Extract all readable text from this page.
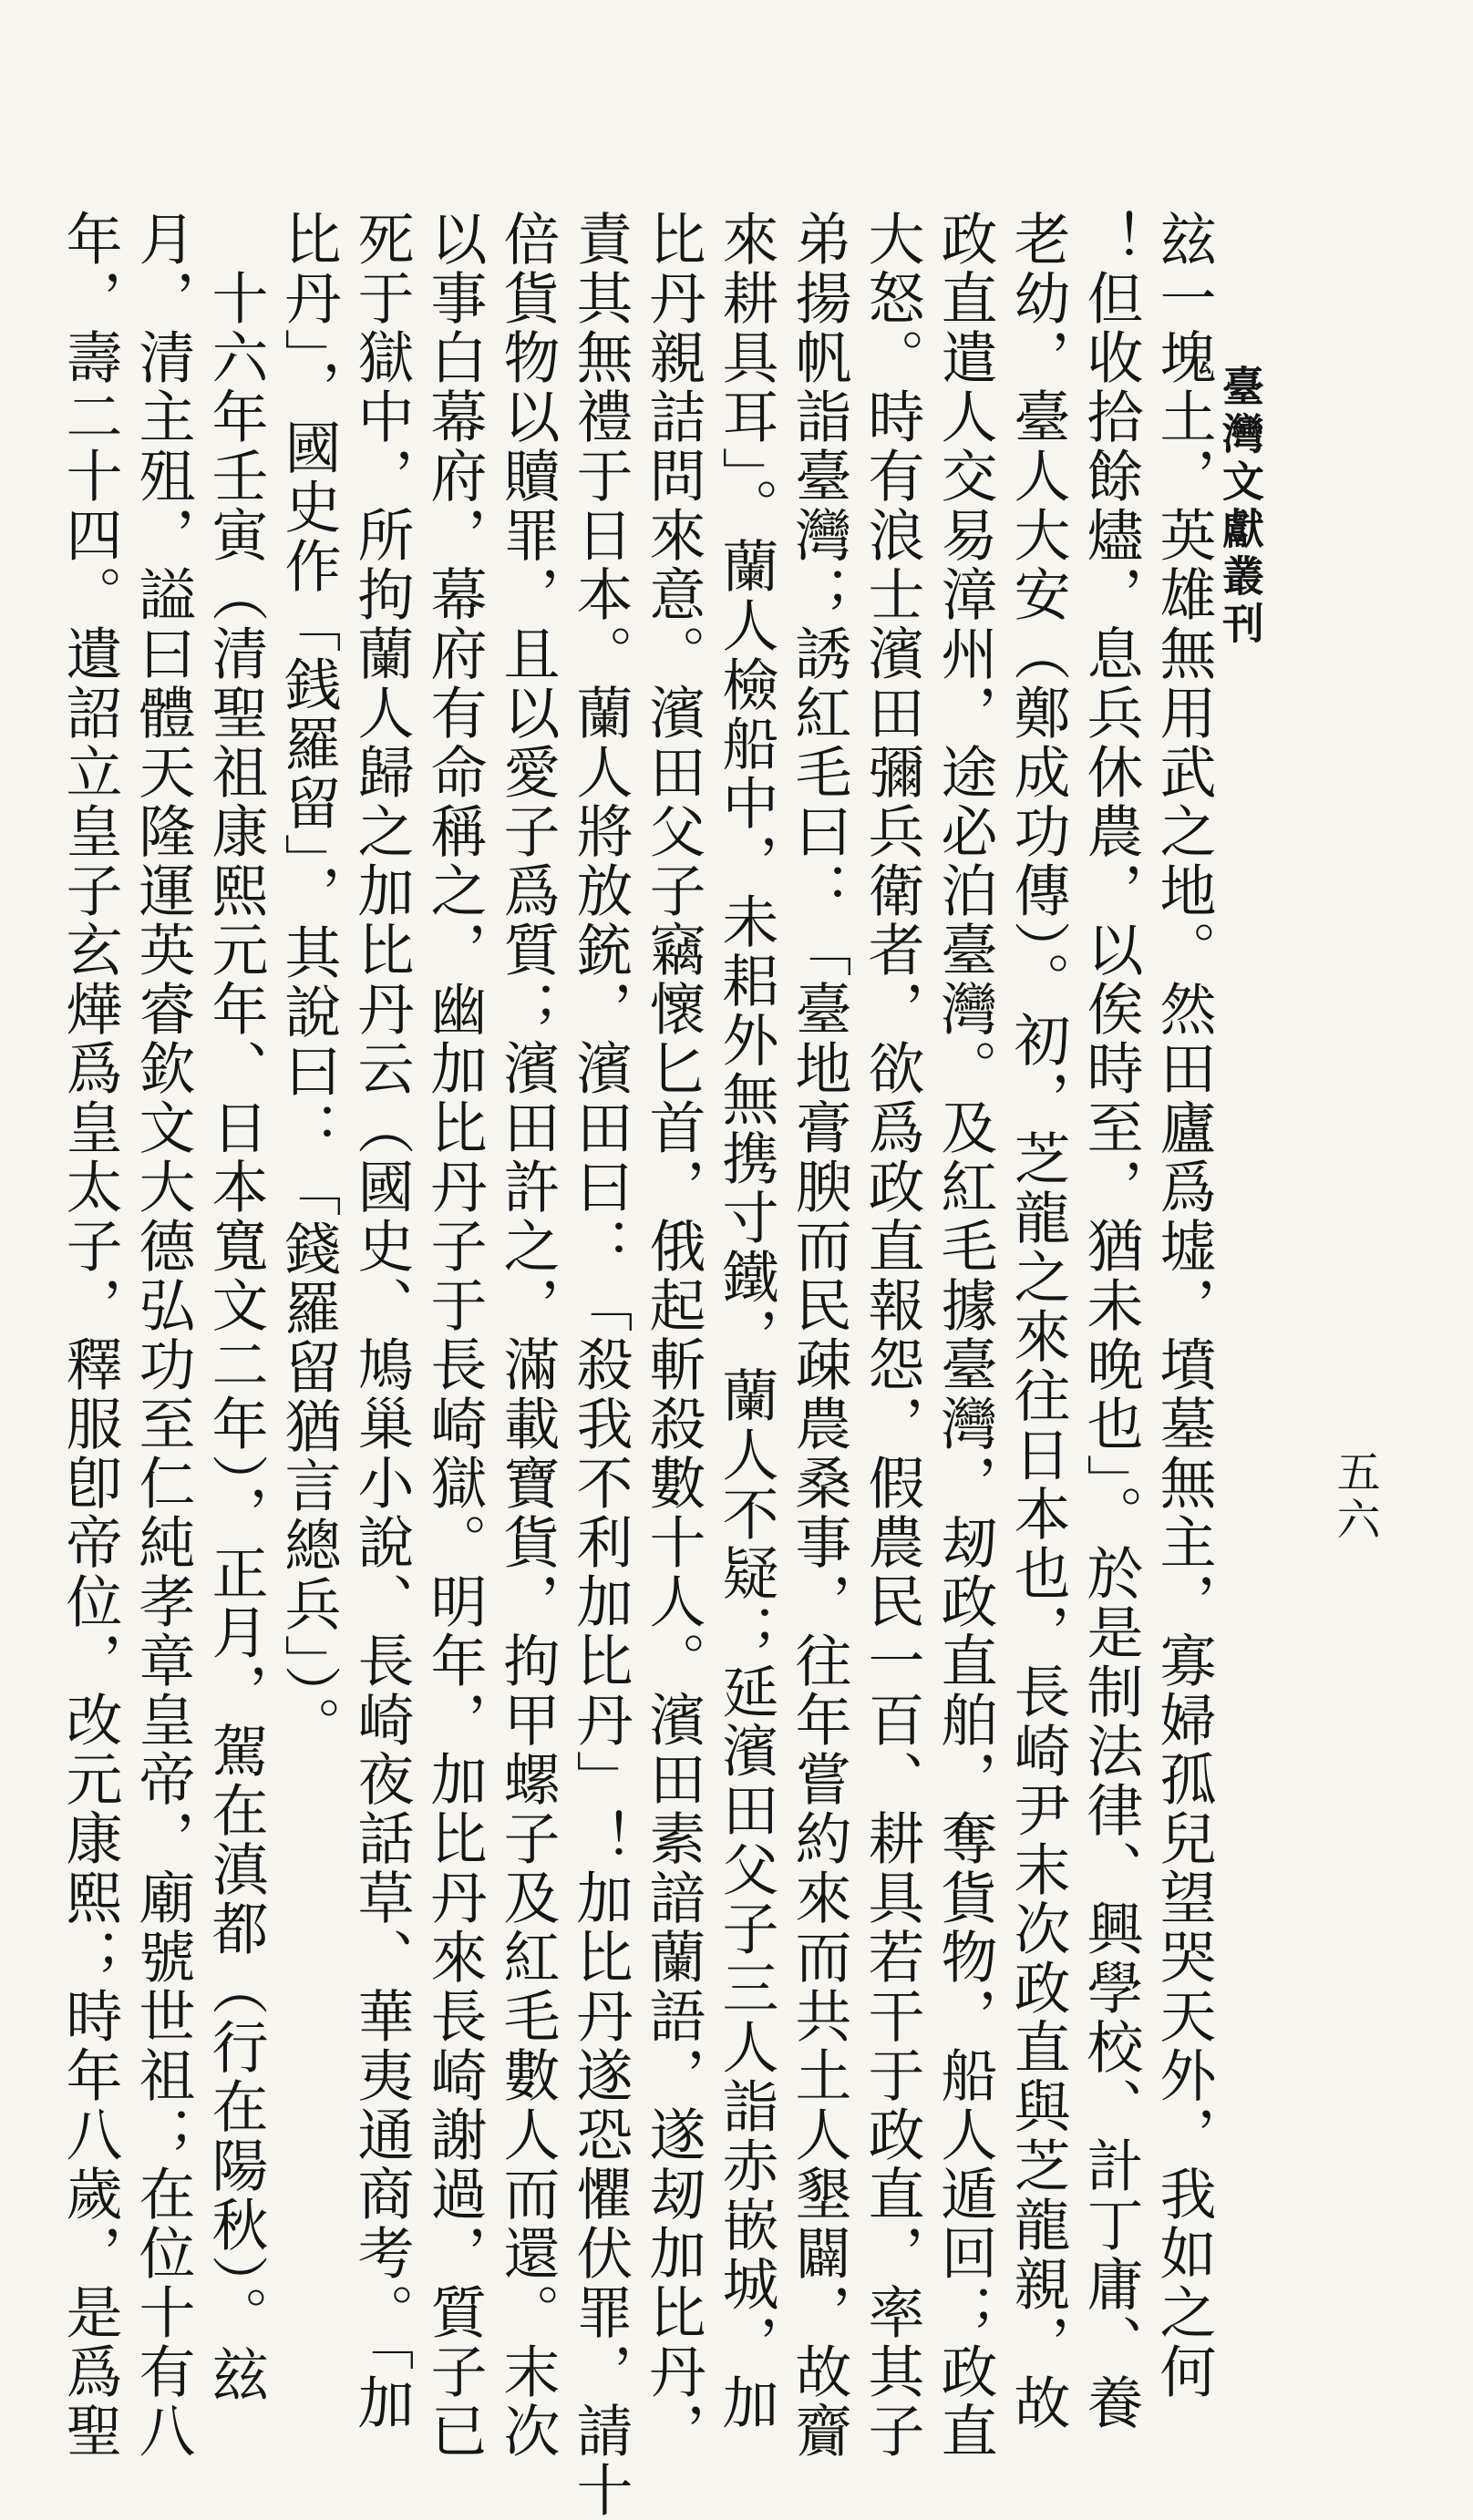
臺灣文獻叢刊
五六
玆一塊土，英雄無用武之地。然田廬爲墟，墳墓無主，寡婦孤兒望哭天外，我如之何
！但收拾餘燼，息兵休農，以俟時至，猶未晚也」。於是制法律、興學校、計丁庸、養
老幼，臺人大安（鄭成功傳）。初，芝龍之來往日本也，長崎尹末次政直與芝龍親，故
政直遣人交易漳州，途必泊臺灣。及紅毛據臺灣，刼政直舶，奪貨物，船人遁回；政直
大怒。時有浪士濱田彌兵衛者，欲爲政直報怨，假農民一百、耕具若干于政直，率其子
弟揚帆詣臺灣；誘紅毛曰：「臺地膏腴而民疎農桑事，往年嘗約來而共土人墾闢，故齎
來耕具耳」。蘭人檢船中，未耜外無携寸鐵，蘭人不疑；延濱田父子三人詣赤嵌城，加
比丹親詰問來意。濱田父子竊懷匕首，俄起斬殺數十人。濱田素諳蘭語，遂刼加比丹，
責其無禮于日本。蘭人將放銃，濱田曰：「殺我不利加比丹」！加比丹遂恐懼伏罪，請十
倍貨物以贖罪，且以愛子爲質；濱田許之，滿載寶貨，拘甲螺子及紅毛數人而還。末次
以事白幕府，幕府有命稱之，幽加比丹子于長崎獄。明年，加比丹來長崎謝過，質子已
死于獄中，所拘蘭人歸之加比丹云（國史、鳩巢小說、長崎夜話草、華夷通商考。「加
比丹」，國史作「銭羅留」，其說曰：「錢羅留猶言總兵」）。
　十六年壬寅（清聖祖康熙元年、日本寬文二年），正月，駕在滇都（行在陽秋）。玆
月，清主殂，謚曰體天隆運英睿欽文大德弘功至仁純孝章皇帝，廟號世祖；在位十有八
年，壽二十四。遺詔立皇子玄燁爲皇太子，釋服卽帝位，改元康熙；時年八歲，是爲聖
